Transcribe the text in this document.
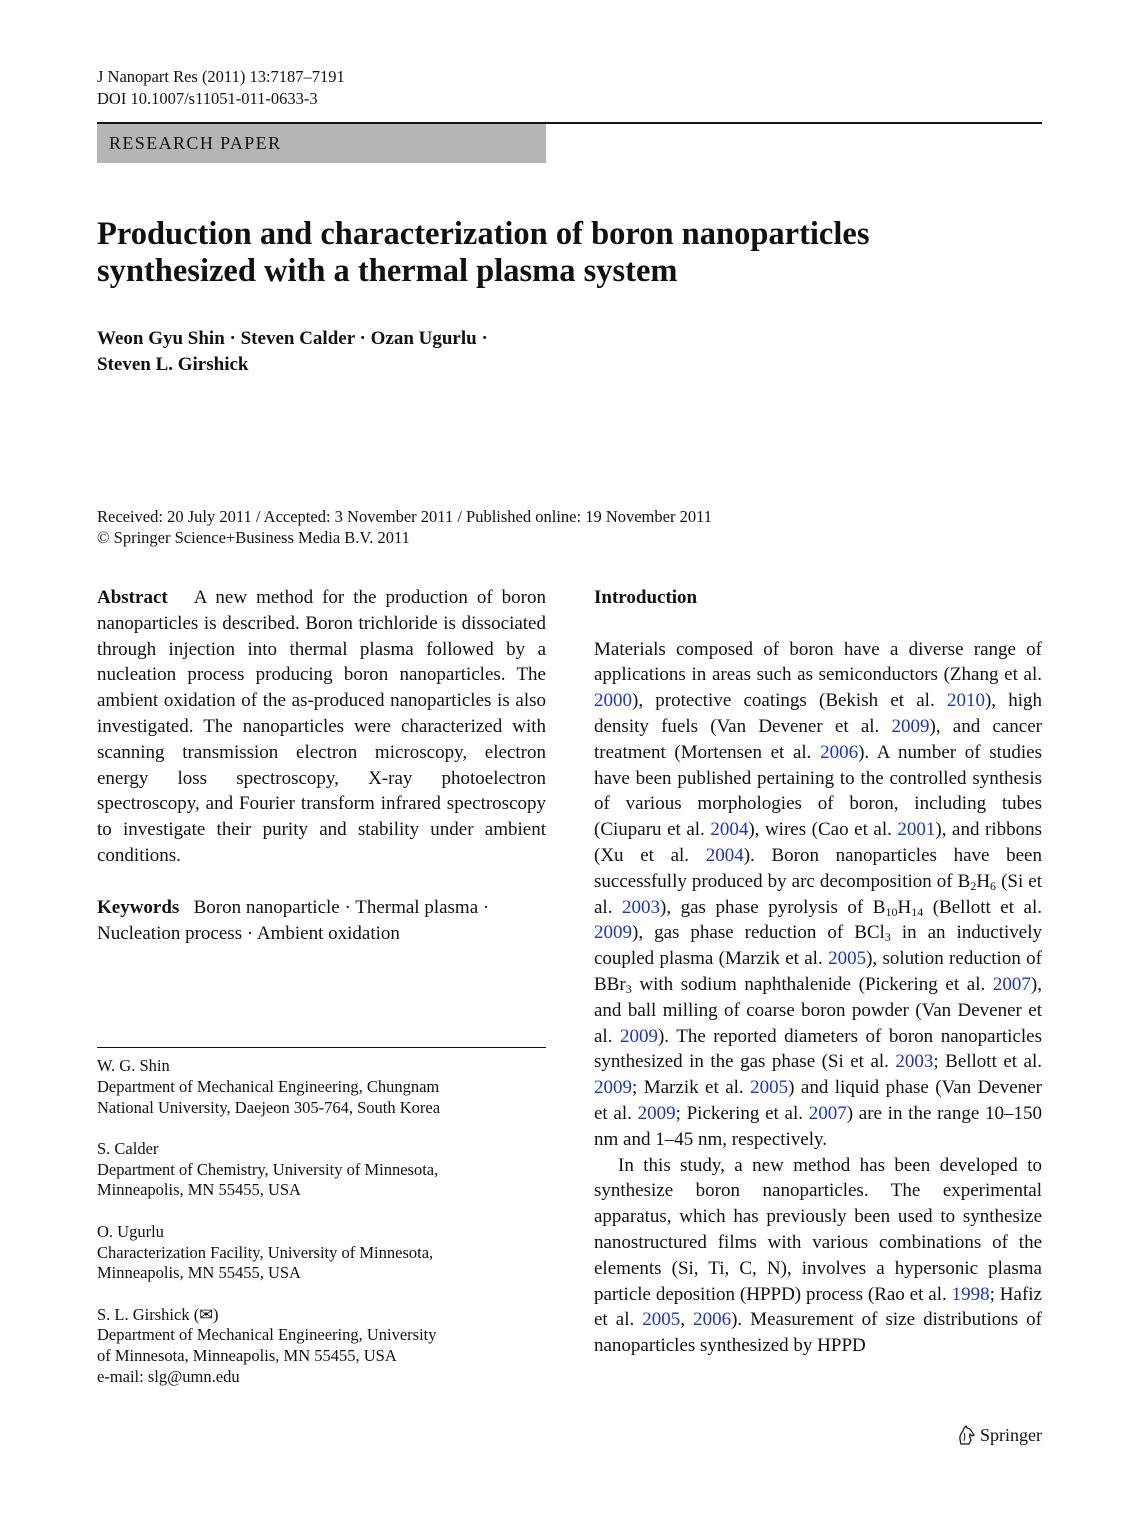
J Nanopart Res (2011) 13:7187–7191
DOI 10.1007/s11051-011-0633-3
RESEARCH PAPER
Production and characterization of boron nanoparticles
synthesized with a thermal plasma system
Weon Gyu Shin · Steven Calder · Ozan Ugurlu ·
Steven L. Girshick
Received: 20 July 2011 / Accepted: 3 November 2011 / Published online: 19 November 2011
© Springer Science+Business Media B.V. 2011

Abstract A new method for the production of boron nanoparticles is described. Boron trichloride is dissociated through injection into thermal plasma followed by a nucleation process producing boron nanoparticles. The ambient oxidation of the as-produced nanoparticles is also investigated. The nanoparticles were characterized with scanning transmission electron microscopy, electron energy loss spectroscopy, X-ray photoelectron spectroscopy, and Fourier transform infrared spectroscopy to investigate their purity and stability under ambient conditions.

Keywords Boron nanoparticle · Thermal plasma ·
Nucleation process · Ambient oxidation

W. G. Shin
Department of Mechanical Engineering, Chungnam
National University, Daejeon 305-764, South Korea
S. Calder
Department of Chemistry, University of Minnesota,
Minneapolis, MN 55455, USA
O. Ugurlu
Characterization Facility, University of Minnesota,
Minneapolis, MN 55455, USA
S. L. Girshick (✉)
Department of Mechanical Engineering, University
of Minnesota, Minneapolis, MN 55455, USA
e-mail: slg@umn.edu

Introduction

Materials composed of boron have a diverse range of applications in areas such as semiconductors (Zhang et al. 2000), protective coatings (Bekish et al. 2010), high density fuels (Van Devener et al. 2009), and cancer treatment (Mortensen et al. 2006). A number of studies have been published pertaining to the controlled synthesis of various morphologies of boron, including tubes (Ciuparu et al. 2004), wires (Cao et al. 2001), and ribbons (Xu et al. 2004). Boron nanoparticles have been successfully produced by arc decomposition of $B_2H_6$ (Si et al. 2003), gas phase pyrolysis of $B_{10}H_{14}$ (Bellott et al. 2009), gas phase reduction of BCl$_3$ in an inductively coupled plasma (Marzik et al. 2005), solution reduction of BBr$_3$ with sodium naphthalenide (Pickering et al. 2007), and ball milling of coarse boron powder (Van Devener et al. 2009). The reported diameters of boron nanoparticles synthesized in the gas phase (Si et al. 2003; Bellott et al. 2009; Marzik et al. 2005) and liquid phase (Van Devener et al. 2009; Pickering et al. 2007) are in the range 10–150 nm and 1–45 nm, respectively.

In this study, a new method has been developed to synthesize boron nanoparticles. The experimental apparatus, which has previously been used to synthesize nanostructured films with various combinations of the elements (Si, Ti, C, N), involves a hypersonic plasma particle deposition (HPPD) process (Rao et al. 1998; Hafiz et al. 2005, 2006). Measurement of size distributions of nanoparticles synthesized by HPPD

Springer
